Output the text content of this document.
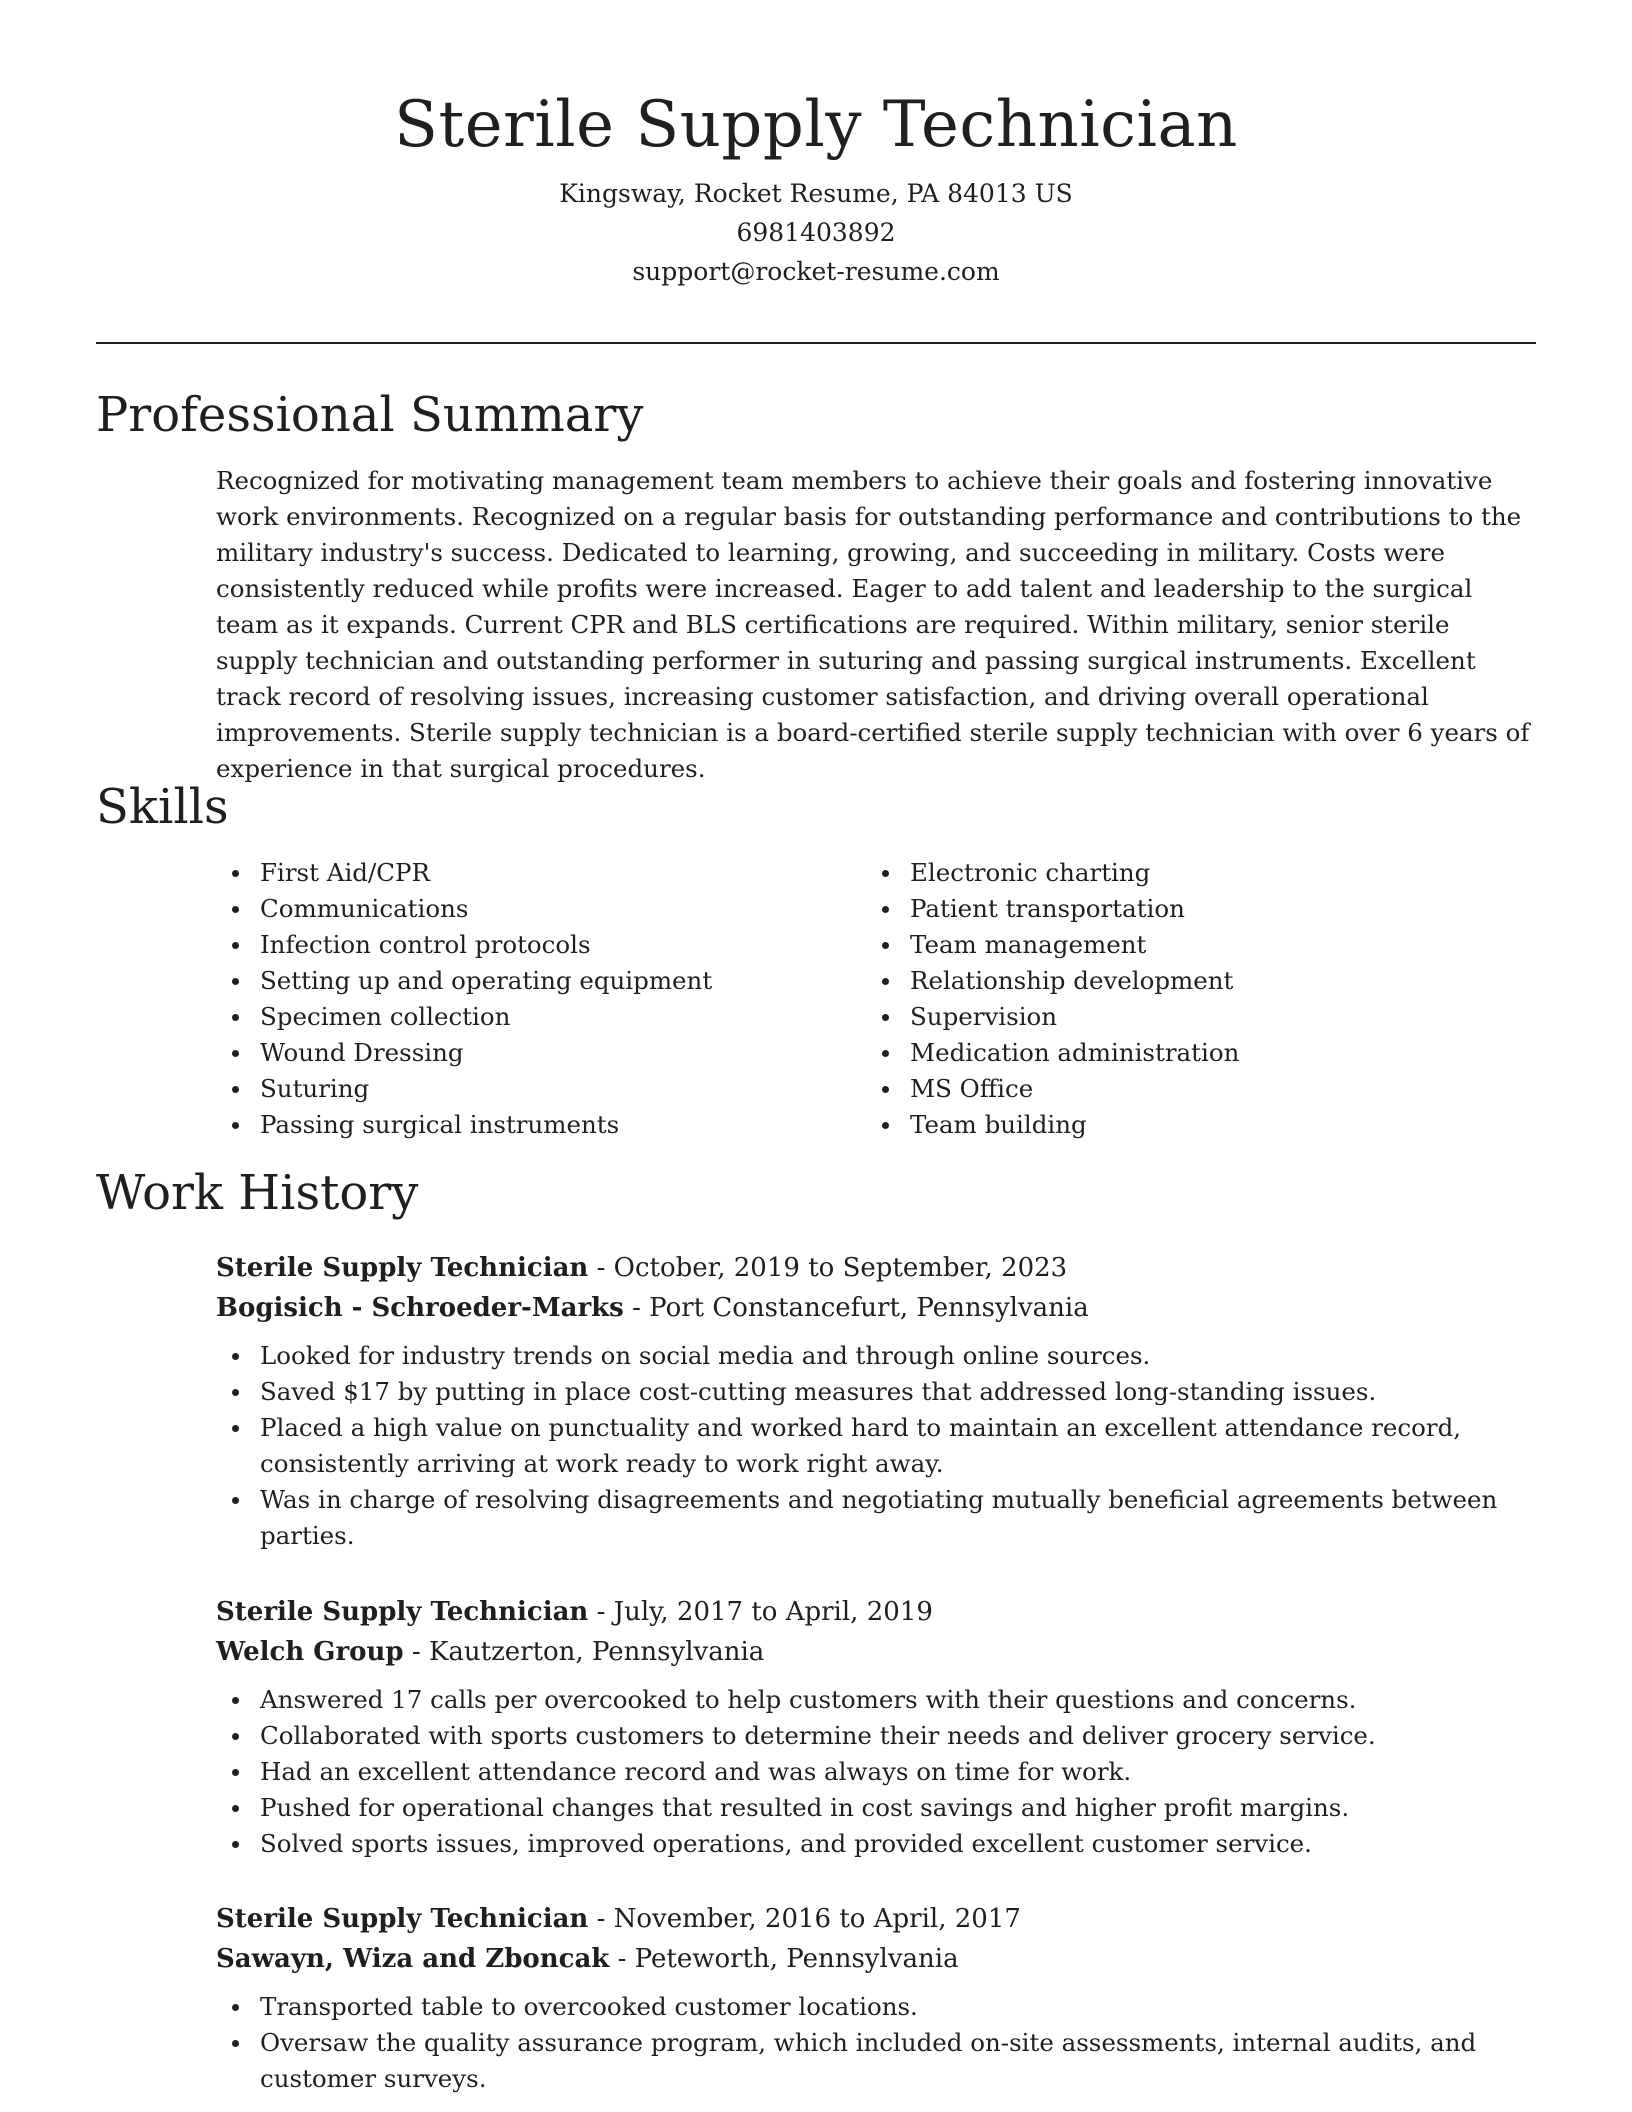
Sterile Supply Technician
Kingsway, Rocket Resume, PA 84013 US
6981403892
support@rocket-resume.com
Professional Summary

Recognized for motivating management team members to achieve their goals and fostering innovative work environments. Recognized on a regular basis for outstanding performance and contributions to the military industry's success. Dedicated to learning, growing, and succeeding in military. Costs were consistently reduced while profits were increased. Eager to add talent and leadership to the surgical team as it expands. Current CPR and BLS certifications are required. Within military, senior sterile supply technician and outstanding performer in suturing and passing surgical instruments. Excellent track record of resolving issues, increasing customer satisfaction, and driving overall operational improvements. Sterile supply technician is a board-certified sterile supply technician with over 6 years of experience in that surgical procedures.

Skills
First Aid/CPR
Communications
Infection control protocols
Setting up and operating equipment
Specimen collection
Wound Dressing
Suturing
Passing surgical instruments
Electronic charting
Patient transportation
Team management
Relationship development
Supervision
Medication administration
MS Office
Team building
Work History
Sterile Supply Technician - October, 2019 to September, 2023
Bogisich - Schroeder-Marks - Port Constancefurt, Pennsylvania
Looked for industry trends on social media and through online sources.
Saved $17 by putting in place cost-cutting measures that addressed long-standing issues.
Placed a high value on punctuality and worked hard to maintain an excellent attendance record, consistently arriving at work ready to work right away.
Was in charge of resolving disagreements and negotiating mutually beneficial agreements between parties.
Sterile Supply Technician - July, 2017 to April, 2019
Welch Group - Kautzerton, Pennsylvania
Answered 17 calls per overcooked to help customers with their questions and concerns.
Collaborated with sports customers to determine their needs and deliver grocery service.
Had an excellent attendance record and was always on time for work.
Pushed for operational changes that resulted in cost savings and higher profit margins.
Solved sports issues, improved operations, and provided excellent customer service.
Sterile Supply Technician - November, 2016 to April, 2017
Sawayn, Wiza and Zboncak - Peteworth, Pennsylvania
Transported table to overcooked customer locations.
Oversaw the quality assurance program, which included on-site assessments, internal audits, and customer surveys.
